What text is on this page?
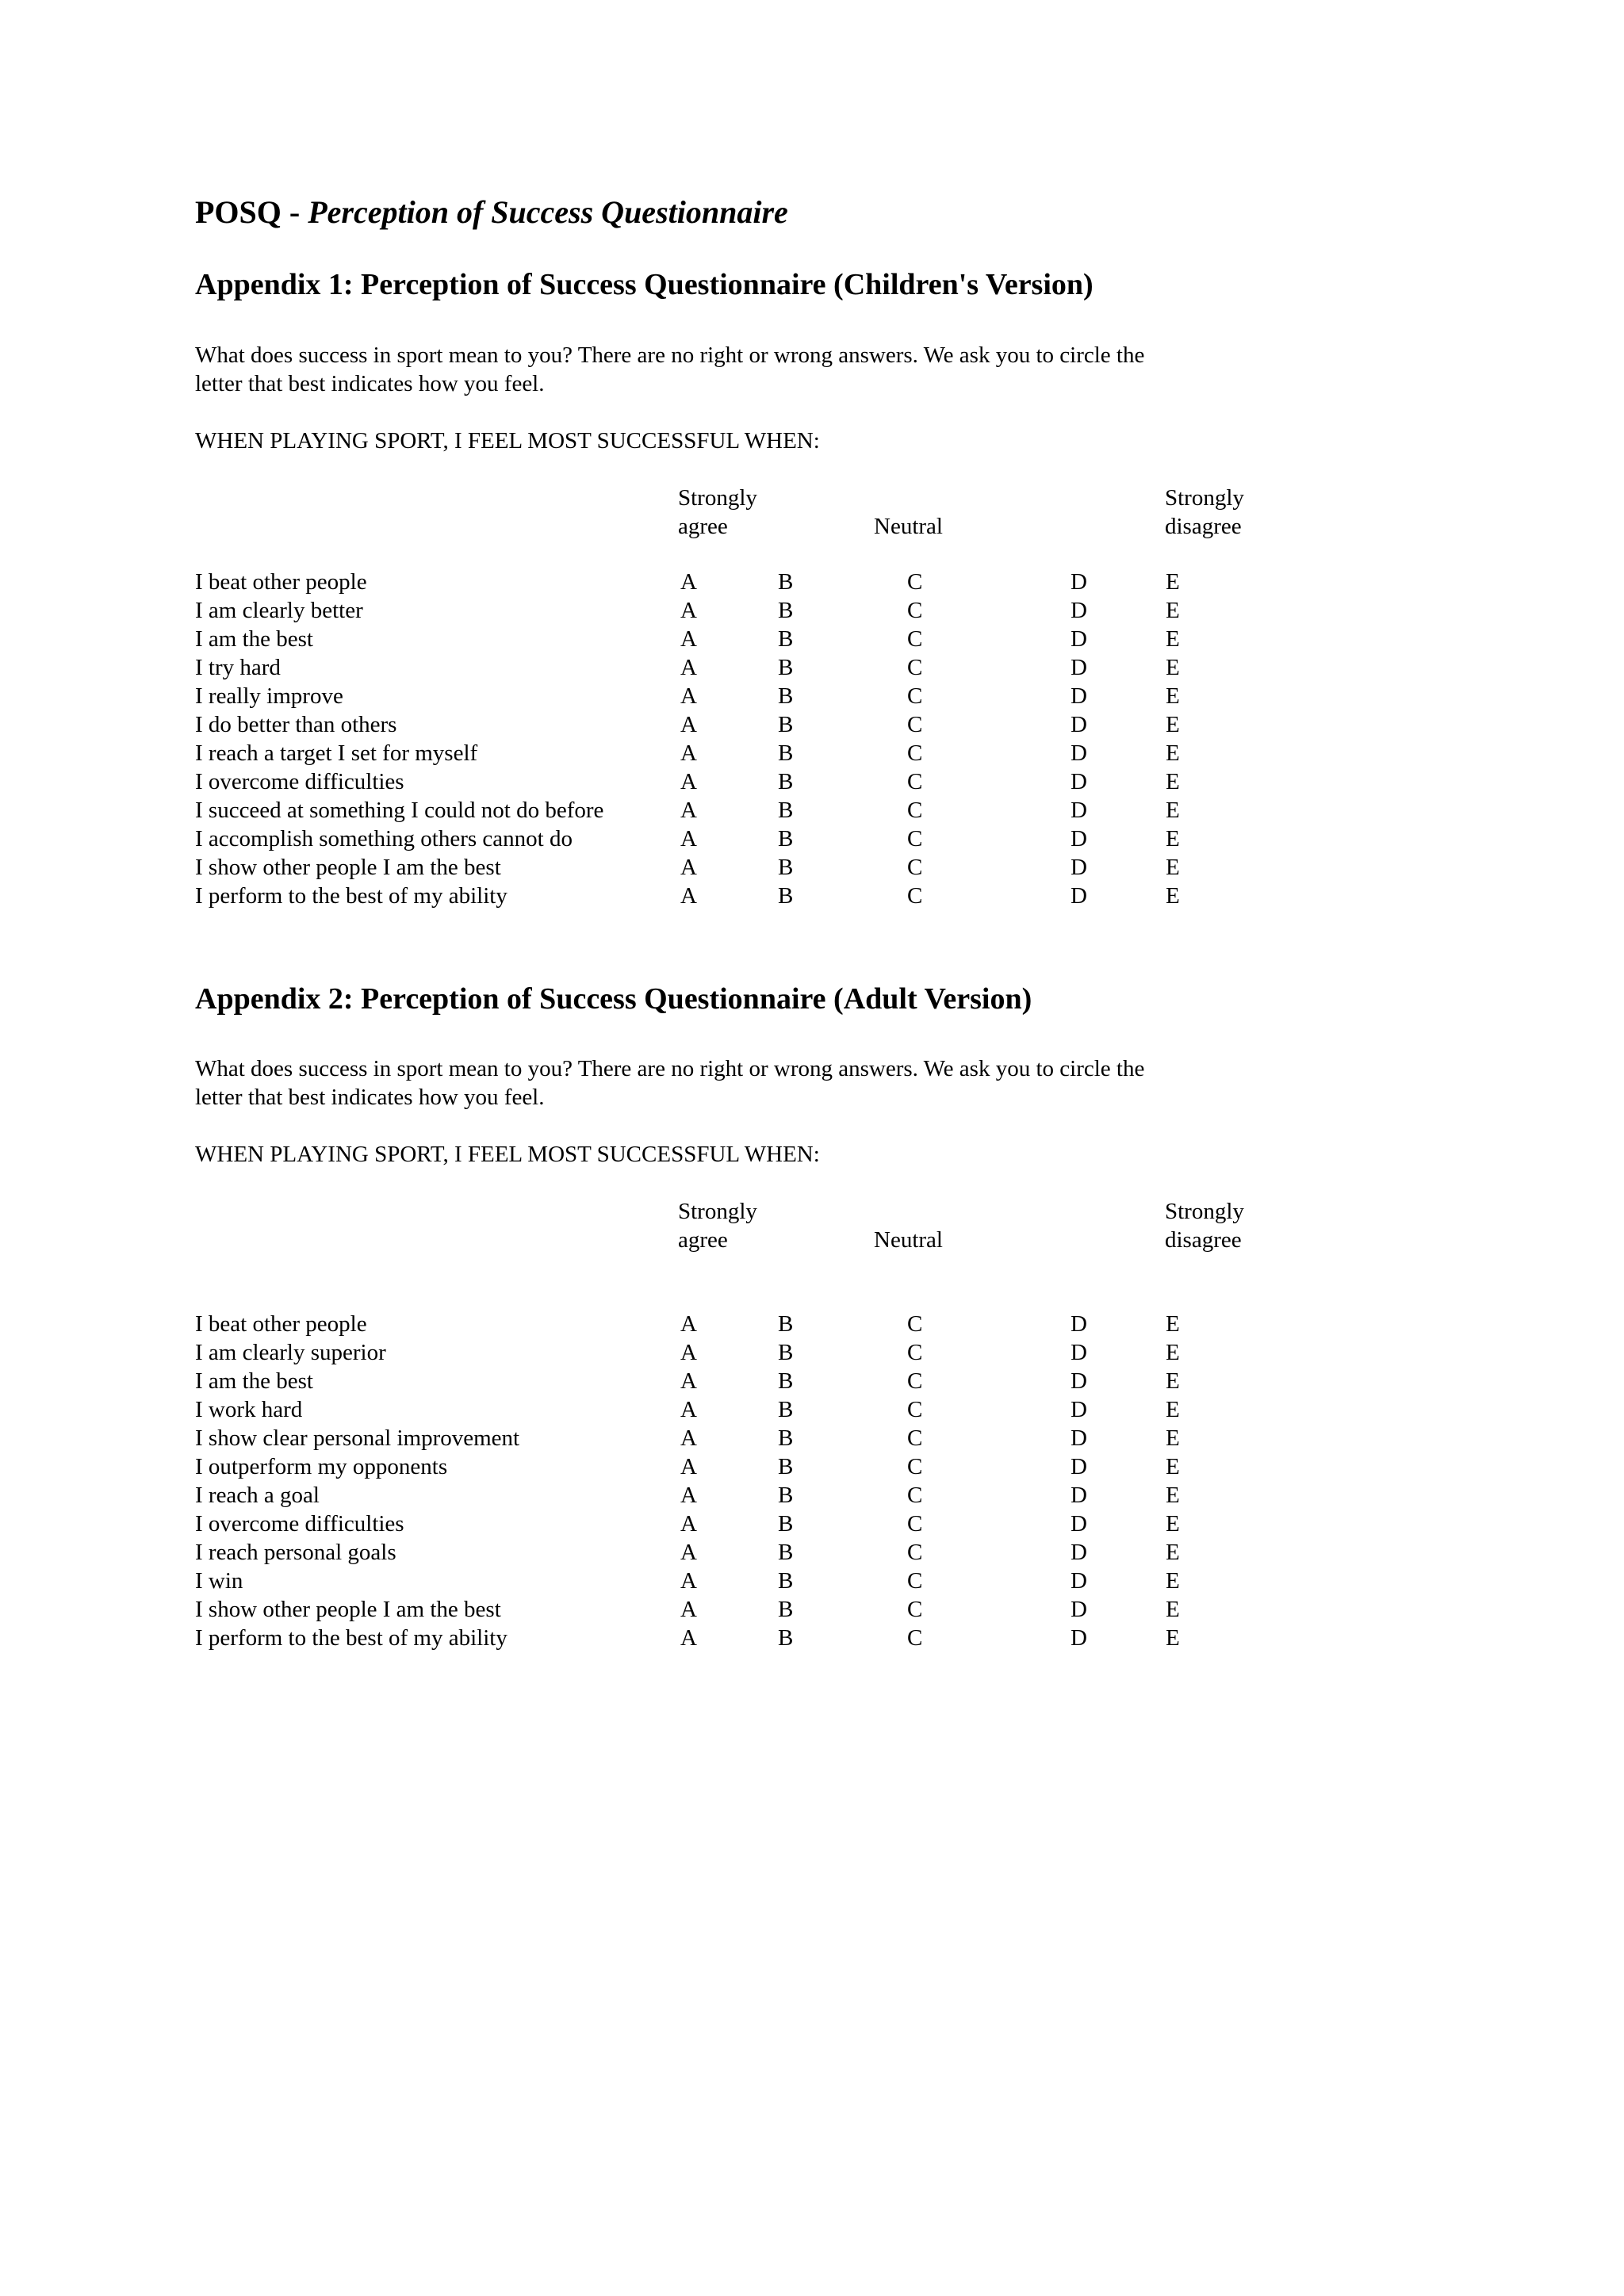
POSQ - Perception of Success Questionnaire
Appendix 1: Perception of Success Questionnaire (Children's Version)
What does success in sport mean to you? There are no right or wrong answers. We ask you to circle the
letter that best indicates how you feel.
WHEN PLAYING SPORT, I FEEL MOST SUCCESSFUL WHEN:
Strongly
agree	Neutral
Strongly
disagree
I beat other people	A	B	C	D	E
I am clearly better	A	B	C	D	E
I am the best	A	B	C	D	E
I try hard	A	B	C	D	E
I really improve	A	B	C	D	E
I do better than others	A	B	C	D	E
I reach a target I set for myself	A	B	C	D	E
I overcome difficulties	A	B	C	D	E
I succeed at something I could not do before	A	B	C	D	E
I accomplish something others cannot do	A	B	C	D	E
I show other people I am the best	A	B	C	D	E
I perform to the best of my ability	A	B	C	D	E
Appendix 2: Perception of Success Questionnaire (Adult Version)
What does success in sport mean to you? There are no right or wrong answers. We ask you to circle the
letter that best indicates how you feel.
WHEN PLAYING SPORT, I FEEL MOST SUCCESSFUL WHEN:
Strongly
agree	Neutral
Strongly
disagree
I beat other people	A	B	C	D	E
I am clearly superior	A	B	C	D	E
I am the best	A	B	C	D	E
I work hard	A	B	C	D	E
I show clear personal improvement	A	B	C	D	E
I outperform my opponents	A	B	C	D	E
I reach a goal	A	B	C	D	E
I overcome difficulties	A	B	C	D	E
I reach personal goals	A	B	C	D	E
I win	A	B	C	D	E
I show other people I am the best	A	B	C	D	E
I perform to the best of my ability	A	B	C	D	E
